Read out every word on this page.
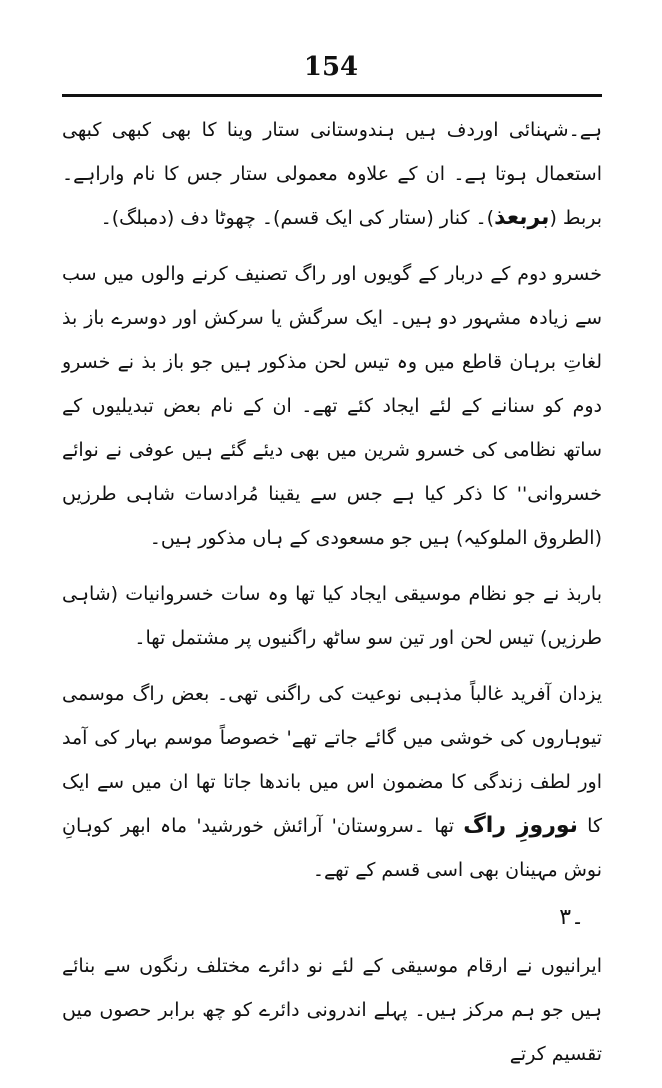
154

ہے۔شہنائی اوردف ہیں ہندوستانی ستار وینا کا بھی کبھی کبھی استعمال ہوتا ہے۔ ان کے علاوہ معمولی ستار جس کا نام واراہے۔ بربط (بربعذ)۔ کنار (ستار کی ایک قسم)۔ چھوٹا دف (دمبلگ)۔

خسرو دوم کے دربار کے گویوں اور راگ تصنیف کرنے والوں میں سب سے زیادہ مشہور دو ہیں۔ ایک سرگش یا سرکش اور دوسرے باز بذ لغاتِ برہان قاطع میں وہ تیس لحن مذکور ہیں جو باز بذ نے خسرو دوم کو سنانے کے لئے ایجاد کئے تھے۔ ان کے نام بعض تبدیلیوں کے ساتھ نظامی کی خسرو شرین میں بھی دیئے گئے ہیں عوفی نے نوائے خسروانی'' کا ذکر کیا ہے جس سے یقینا مُرادسات شاہی طرزیں (الطروق الملوکیہ) ہیں جو مسعودی کے ہاں مذکور ہیں۔

باربذ نے جو نظام موسیقی ایجاد کیا تھا وہ سات خسروانیات (شاہی طرزیں) تیس لحن اور تین سو ساٹھ راگنیوں پر مشتمل تھا۔

یزدان آفرید غالباً مذہبی نوعیت کی راگنی تھی۔ بعض راگ موسمی تیوہاروں کی خوشی میں گائے جاتے تھے' خصوصاً موسم بہار کی آمد اور لطف زندگی کا مضمون اس میں باندھا جاتا تھا ان میں سے ایک کا نوروزِ راگ تھا ۔سروستان' آرائش خورشید' ماہ ابھر کوہانِ نوش مہینان بھی اسی قسم کے تھے۔

۔۳

ایرانیوں نے ارقام موسیقی کے لئے نو دائرے مختلف رنگوں سے بنائے ہیں جو ہم مرکز ہیں۔ پہلے اندرونی دائرے کو چھ برابر حصوں میں تقسیم کرتے
